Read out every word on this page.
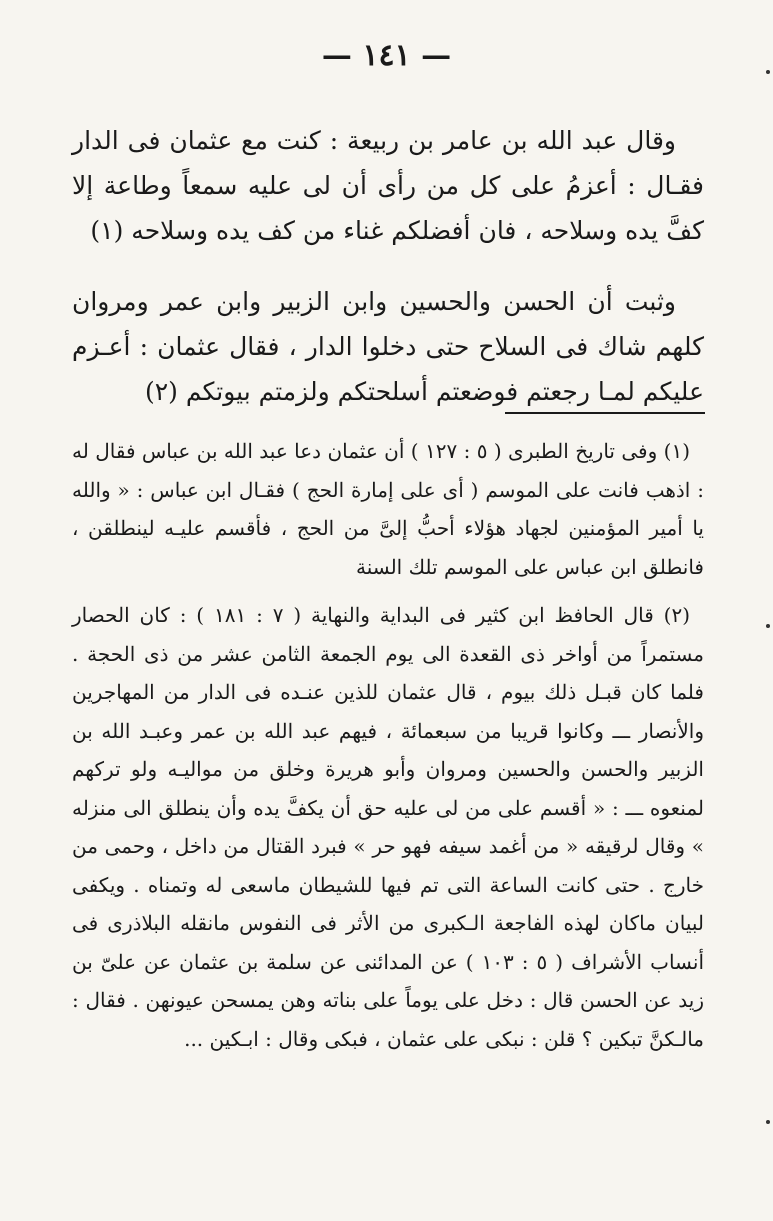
— ١٤١ —

وقال عبد الله بن عامر بن ربيعة : كنت مع عثمان فى الدار فقـال : أعزمُ على كل من رأى أن لى عليه سمعاً وطاعة إلا كفَّ يده وسلاحه ، فان أفضلكم غناء من كف يده وسلاحه (١)

وثبت أن الحسن والحسين وابن الزبير وابن عمر ومروان كلهم شاك فى السلاح حتى دخلوا الدار ، فقال عثمان : أعـزم عليكم لمـا رجعتم فوضعتم أسلحتكم ولزمتم بيوتكم (٢)

(١) وفى تاريخ الطبرى ( ٥ : ١٢٧ ) أن عثمان دعا عبد الله بن عباس فقال له : اذهب فانت على الموسم ( أى على إمارة الحج ) فقـال ابن عباس : « والله يا أمير المؤمنين لجهاد هؤلاء أحبُّ إلىَّ من الحج ، فأقسم عليـه لينطلقن ، فانطلق ابن عباس على الموسم تلك السنة

(٢) قال الحافظ ابن كثير فى البداية والنهاية ( ٧ : ١٨١ ) : كان الحصار مستمراً من أواخر ذى القعدة الى يوم الجمعة الثامن عشر من ذى الحجة . فلما كان قبـل ذلك بيوم ، قال عثمان للذين عنـده فى الدار من المهاجرين والأنصار ـــ وكانوا قريبا من سبعمائة ، فيهم عبد الله بن عمر وعبـد الله بن الزبير والحسن والحسين ومروان وأبو هريرة وخلق من مواليـه ولو تركهم لمنعوه ـــ : « أقسم على من لى عليه حق أن يكفَّ يده وأن ينطلق الى منزله » وقال لرقيقه « من أغمد سيفه فهو حر » فبرد القتال من داخل ، وحمى من خارج . حتى كانت الساعة التى تم فيها للشيطان ماسعى له وتمناه . ويكفى لبيان ماكان لهذه الفاجعة الـكبرى من الأثر فى النفوس مانقله البلاذرى فى أنساب الأشراف ( ٥ : ١٠٣ ) عن المدائنى عن سلمة بن عثمان عن علىّ بن زيد عن الحسن قال : دخل على يوماً على بناته وهن يمسحن عيونهن . فقال : مالـكنَّ تبكين ؟ قلن : نبكى على عثمان ، فبكى وقال : ابـكين ...
